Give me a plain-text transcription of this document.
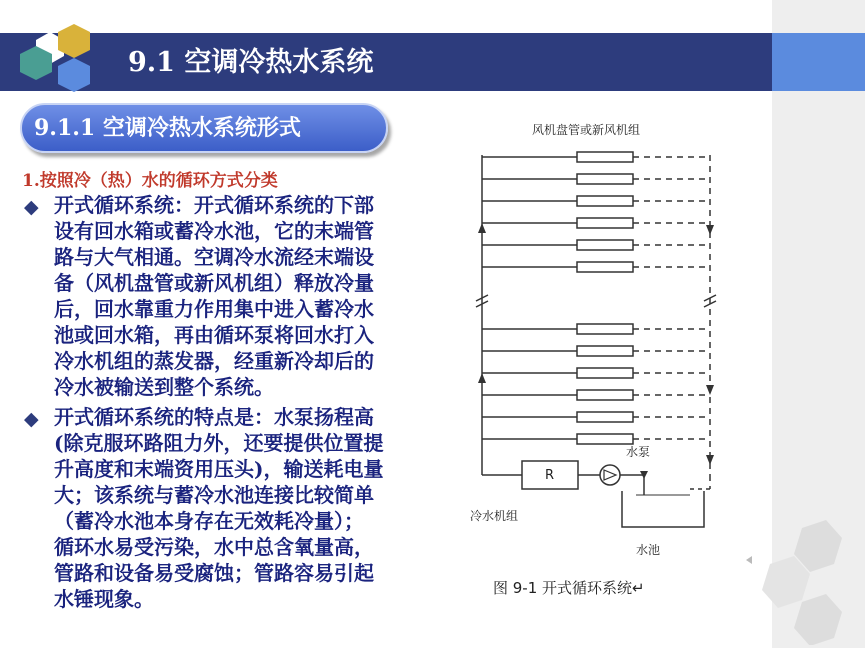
9.1 空调冷热水系统
9.1.1 空调冷热水系统形式
1.按照冷（热）水的循环方式分类
◆ 开式循环系统：开式循环系统的下部
设有回水箱或蓄冷水池，它的末端管
路与大气相通。空调冷水流经末端设
备（风机盘管或新风机组）释放冷量
后，回水靠重力作用集中进入蓄冷水
池或回水箱，再由循环泵将回水打入
冷水机组的蒸发器，经重新冷却后的
冷水被输送到整个系统。
◆ 开式循环系统的特点是：水泵扬程高
(除克服环路阻力外，还要提供位置提
升高度和末端资用压头)，输送耗电量
大；该系统与蓄冷水池连接比较简单
（蓄冷水池本身存在无效耗冷量）；
循环水易受污染，水中总含氧量高，
管路和设备易受腐蚀；管路容易引起
水锤现象。
风机盘管或新风机组
R
冷水机组
水泵
水池
图 9-1 开式循环系统↵
